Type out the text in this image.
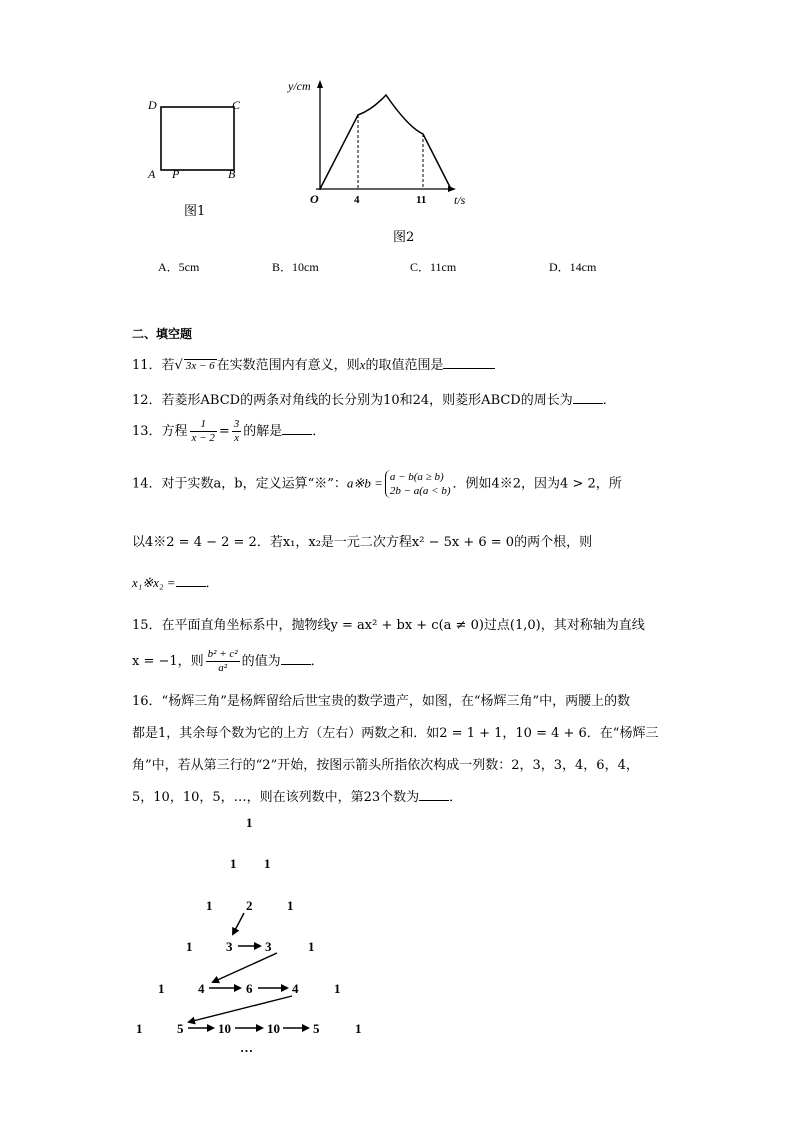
D	C
A P	B
图1
y/cm
t/s
O	4	11
图2
A．5cm	B．10cm	C．11cm	D．14cm
二、填空题
11．若√ 3x − 6 在实数范围内有意义，则x的取值范围是
12．若菱形ABCD的两条对角线的长分别为10和24，则菱形ABCD的周长为 ．
13．方程 $\frac{1}{x - 2} = \frac{3}{x}$ 的解是 ．
14．对于实数a，b，定义运算“※”：a※b = a − b(a ≥ b)
2b − a(a < b) ．例如4※2，因为4 > 2，所
以4※2 = 4 − 2 = 2．若x₁，x₂是一元二次方程x² − 5x + 6 = 0的两个根，则
x₁※x₂ = ．
15．在平面直角坐标系中，抛物线y = ax² + bx + c(a ≠ 0)过点(1,0)，其对称轴为直线
x = −1，则 $\frac{\text{b² + c²}}{\text{a²}}$ 的值为 ．
16．“杨辉三角”是杨辉留给后世宝贵的数学遗产，如图，在“杨辉三角”中，两腰上的数
都是1，其余每个数为它的上方（左右）两数之和．如2 = 1 + 1，10 = 4 + 6．在“杨辉三
角”中，若从第三行的“2”开始，按图示箭头所指依次构成一列数：2，3，3，4，6，4，
5，10，10，5，…，则在该列数中，第23个数为 ．
1
1 1
1	2	1
1	3	3	1
1	4	6	4	1
1	5	10	10	5	1
…
